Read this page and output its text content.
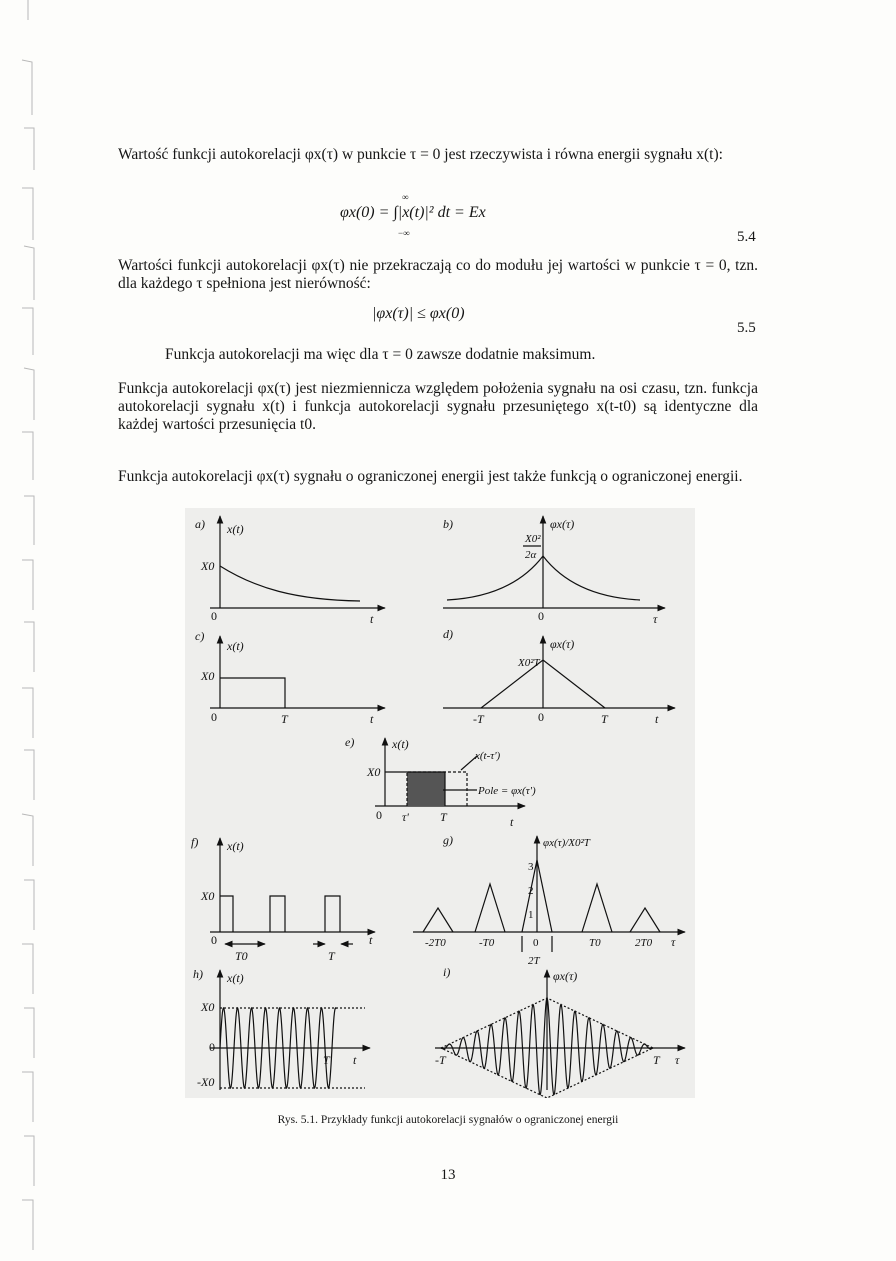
Wartość funkcji autokorelacji φx(τ) w punkcie τ = 0 jest rzeczywista i równa energii sygnału x(t):

∞
φx(0) = ∫|x(t)|² dt = Ex
−∞	5.4

Wartości funkcji autokorelacji φx(τ) nie przekraczają co do modułu jej wartości w punkcie τ = 0, tzn. dla każdego τ spełniona jest nierówność:

|φx(τ)| ≤ φx(0)
5.5

Funkcja autokorelacji ma więc dla τ = 0 zawsze dodatnie maksimum.

Funkcja autokorelacji φx(τ) jest niezmiennicza względem położenia sygnału na osi czasu, tzn. funkcja autokorelacji sygnału x(t) i funkcja autokorelacji sygnału przesuniętego x(t-t0) są identyczne dla każdej wartości przesunięcia t0.

Funkcja autokorelacji φx(τ) sygnału o ograniczonej energii jest także funkcją o ograniczonej energii.

a) x(t)
X0
0	t
b)	φx(τ)
X0²
2α
0	τ
c)
x(t)
X0
0	T	t
d)
φx(τ)
X0²T
-T	0	T	t
e)	x(t)
X0
x(t-τ')
Pole = φx(τ')
0 τ'	T	t
f) x(t)
X0
0
T0	T
t
g)	φx(τ)/X0²T
3
2
1
-2T0	-T0	0	T0	2T0
2T
τ
h) x(t)
X0
0
-X0
T t
i)	φx(τ)
-T	T τ
Rys. 5.1. Przykłady funkcji autokorelacji sygnałów o ograniczonej energii
13
